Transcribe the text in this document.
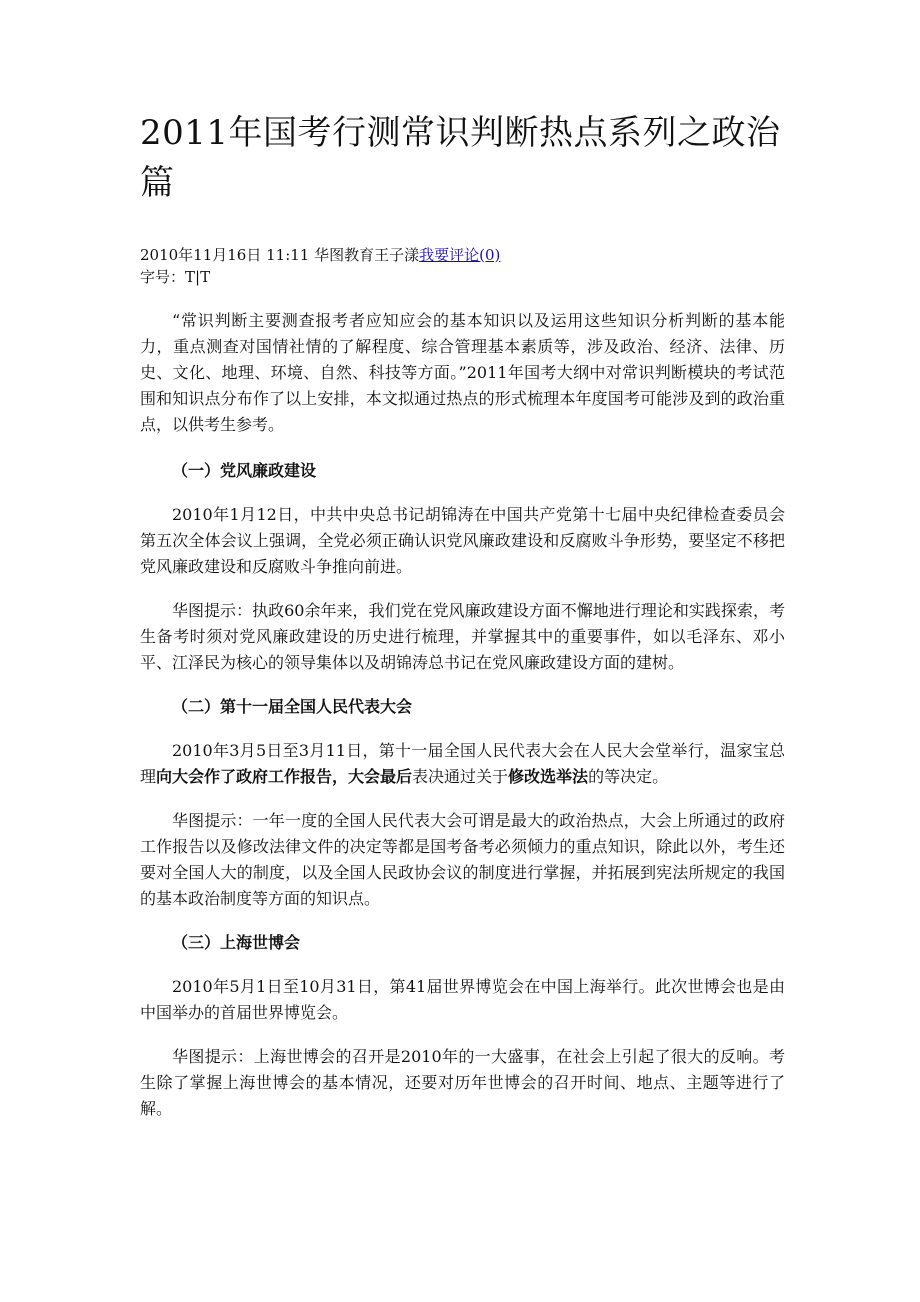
2011年国考行测常识判断热点系列之政治篇

2010年11月16日 11:11 华图教育王子漾我要评论(0)

字号：T|T

“常识判断主要测查报考者应知应会的基本知识以及运用这些知识分析判断的基本能力，重点测查对国情社情的了解程度、综合管理基本素质等，涉及政治、经济、法律、历史、文化、地理、环境、自然、科技等方面。”2011年国考大纲中对常识判断模块的考试范围和知识点分布作了以上安排，本文拟通过热点的形式梳理本年度国考可能涉及到的政治重点，以供考生参考。

（一）党风廉政建设

2010年1月12日，中共中央总书记胡锦涛在中国共产党第十七届中央纪律检查委员会第五次全体会议上强调，全党必须正确认识党风廉政建设和反腐败斗争形势，要坚定不移把党风廉政建设和反腐败斗争推向前进。

华图提示：执政60余年来，我们党在党风廉政建设方面不懈地进行理论和实践探索，考生备考时须对党风廉政建设的历史进行梳理，并掌握其中的重要事件，如以毛泽东、邓小平、江泽民为核心的领导集体以及胡锦涛总书记在党风廉政建设方面的建树。

（二）第十一届全国人民代表大会

2010年3月5日至3月11日，第十一届全国人民代表大会在人民大会堂举行，温家宝总理向大会作了政府工作报告，大会最后表决通过关于修改选举法的等决定。

华图提示：一年一度的全国人民代表大会可谓是最大的政治热点，大会上所通过的政府工作报告以及修改法律文件的决定等都是国考备考必须倾力的重点知识，除此以外，考生还要对全国人大的制度，以及全国人民政协会议的制度进行掌握，并拓展到宪法所规定的我国的基本政治制度等方面的知识点。

（三）上海世博会

2010年5月1日至10月31日，第41届世界博览会在中国上海举行。此次世博会也是由中国举办的首届世界博览会。

华图提示：上海世博会的召开是2010年的一大盛事，在社会上引起了很大的反响。考生除了掌握上海世博会的基本情况，还要对历年世博会的召开时间、地点、主题等进行了解。
